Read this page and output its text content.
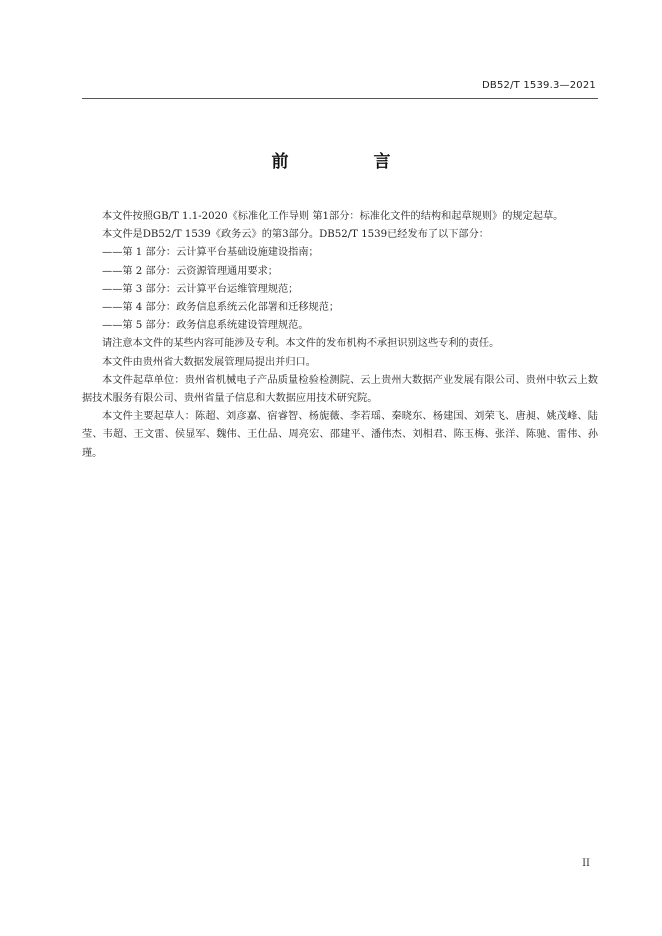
DB52/T 1539.3—2021
前　言

本文件按照GB/T 1.1-2020《标准化工作导则 第1部分：标准化文件的结构和起草规则》的规定起草。

本文件是DB52/T 1539《政务云》的第3部分。DB52/T 1539已经发布了以下部分：

——第 1 部分：云计算平台基础设施建设指南；

——第 2 部分：云资源管理通用要求；

——第 3 部分：云计算平台运维管理规范；

——第 4 部分：政务信息系统云化部署和迁移规范；

——第 5 部分：政务信息系统建设管理规范。

请注意本文件的某些内容可能涉及专利。本文件的发布机构不承担识别这些专利的责任。

本文件由贵州省大数据发展管理局提出并归口。

本文件起草单位：贵州省机械电子产品质量检验检测院、云上贵州大数据产业发展有限公司、贵州中软云上数据技术服务有限公司、贵州省量子信息和大数据应用技术研究院。

本文件主要起草人：陈超、刘彦嘉、宿睿智、杨旎薇、李若瑶、秦晓东、杨建国、刘荣飞、唐昶、姚茂峰、陆莹、韦超、王文雷、侯显军、魏伟、王仕品、周亮宏、邵建平、潘伟杰、刘相君、陈玉梅、张洋、陈驰、雷伟、孙瑾。

II
